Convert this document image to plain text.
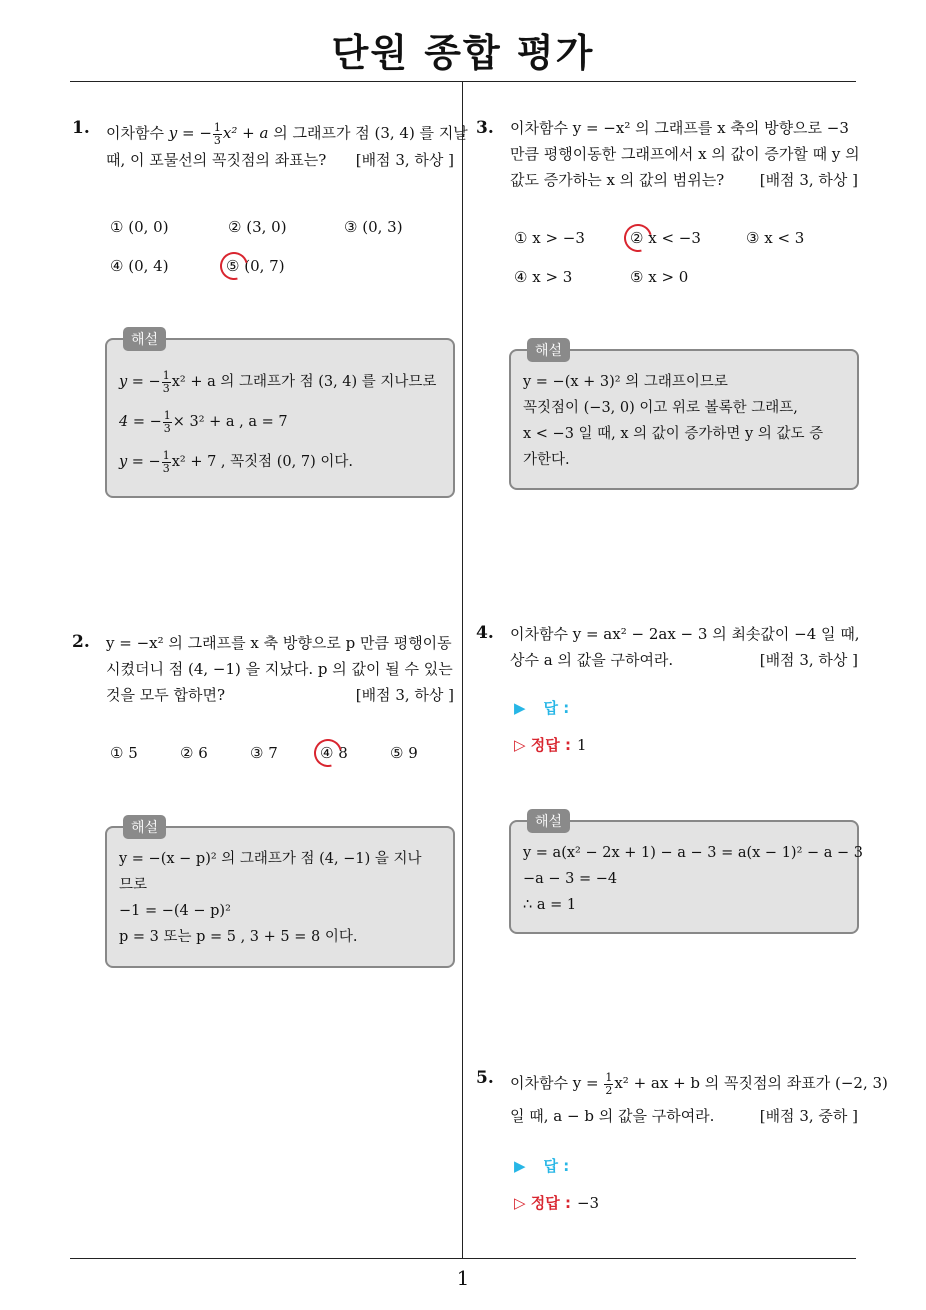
단원 종합 평가
1. 이차함수 y = − $\frac{1}{3} x^2 + a$ 의 그래프가 점 (3, 4) 를 지날
때, 이 포물선의 꼭짓점의 좌표는? [배점 3, 하상 ]
① (0, 0)	② (3, 0)	③ (0, 3)
④ (0, 4)	⑤ (0, 7)
해설
y = − $\frac{1}{3} x^2 + a$ 의 그래프가 점 (3, 4) 를 지나므로
4 = − $\frac{1}{3} \times 3^2 + a$ , a = 7
y = − $\frac{1}{3} x^2 + 7$ , 꼭짓점 (0, 7) 이다.
2. y = −x² 의 그래프를 x 축 방향으로 p 만큼 평행이동
시켰더니 점 (4, −1) 을 지났다. p 의 값이 될 수 있는
것을 모두 합하면?	[배점 3, 하상 ]
① 5	② 6	③ 7	④ 8	⑤ 9
해설
y = −(x − p)² 의 그래프가 점 (4, −1) 을 지나
므로
−1 = −(4 − p)²
p = 3 또는 p = 5 , 3 + 5 = 8 이다.
3. 이차함수 y = −x² 의 그래프를 x 축의 방향으로 −3
만큼 평행이동한 그래프에서 x 의 값이 증가할 때 y 의
값도 증가하는 x 의 값의 범위는? [배점 3, 하상 ]
① x > −3	② x < −3	③ x < 3
④ x > 3	⑤ x > 0
해설
y = −(x + 3)² 의 그래프이므로
꼭짓점이 (−3, 0) 이고 위로 볼록한 그래프,
x < −3 일 때, x 의 값이 증가하면 y 의 값도 증
가한다.
4. 이차함수 y = ax² − 2ax − 3 의 최솟값이 −4 일 때,
상수 a 의 값을 구하여라.	[배점 3, 하상 ]
▶ 답 :
▷ 정답 : 1
해설
y = a(x² − 2x + 1) − a − 3 = a(x − 1)² − a − 3
−a − 3 = −4
∴ a = 1
5. 이차함수 $y = \frac{1}{2} x^2$ + ax + b 의 꼭짓점의 좌표가 (−2, 3)
일 때, a − b 의 값을 구하여라.	[배점 3, 중하 ]
▶ 답 :
▷ 정답 : −3
1
